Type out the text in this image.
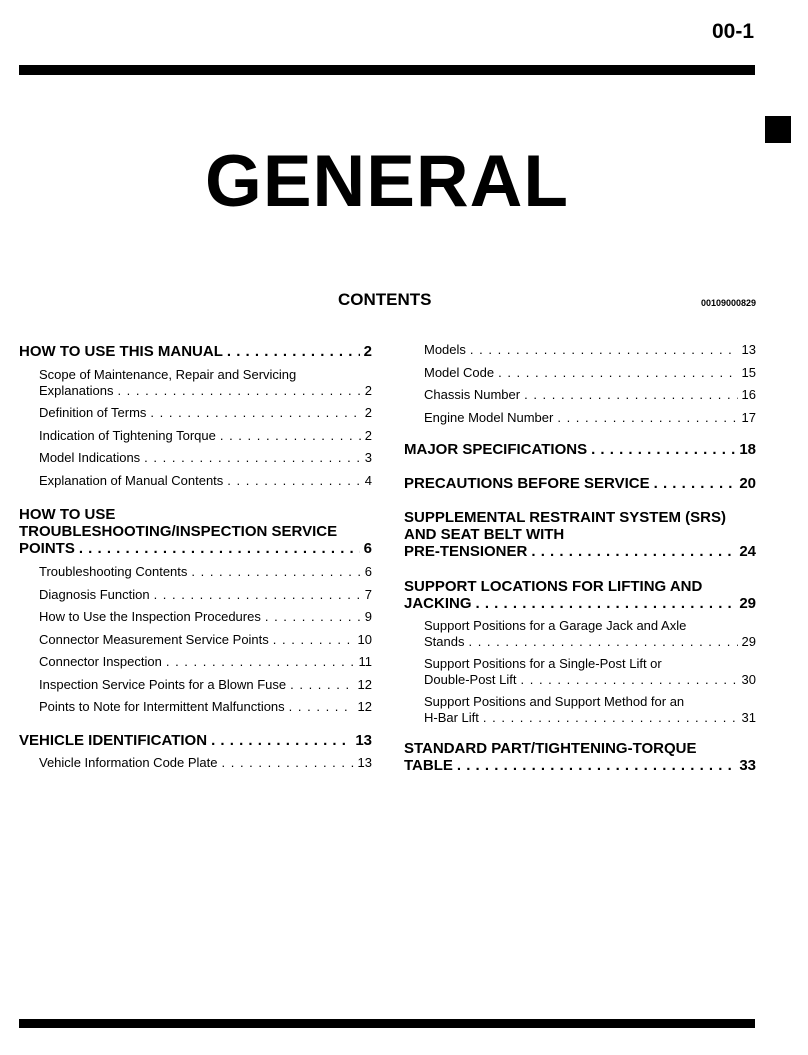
00-1
GENERAL
CONTENTS	00109000829
HOW TO USE THIS MANUAL . . .	2
Scope of Maintenance, Repair and Servicing
Explanations . . .	2
Definition of Terms . . .	2
Indication of Tightening Torque . . .	2
Model Indications . . .	3
Explanation of Manual Contents . . .	4
HOW TO USE
TROUBLESHOOTING/INSPECTION SERVICE
POINTS . . .	6
Troubleshooting Contents . . .	6
Diagnosis Function . . .	7
How to Use the Inspection Procedures . . .	9
Connector Measurement Service Points . . .	10
Connector Inspection . . .	11
Inspection Service Points for a Blown Fuse . . .	12
Points to Note for Intermittent Malfunctions . . .	12
VEHICLE IDENTIFICATION . . .	13
Vehicle Information Code Plate . . .	13
Models . . .	13
Model Code . . .	15
Chassis Number . . .	16
Engine Model Number . . .	17
MAJOR SPECIFICATIONS . . .	18
PRECAUTIONS BEFORE SERVICE . . .	20
SUPPLEMENTAL RESTRAINT SYSTEM (SRS)
AND SEAT BELT WITH
PRE-TENSIONER . . .	24
SUPPORT LOCATIONS FOR LIFTING AND
JACKING . . .	29
Support Positions for a Garage Jack and Axle
Stands . . .	29
Support Positions for a Single-Post Lift or
Double-Post Lift . . .	30
Support Positions and Support Method for an
H-Bar Lift . . .	31
STANDARD PART/TIGHTENING-TORQUE
TABLE . . .	33
